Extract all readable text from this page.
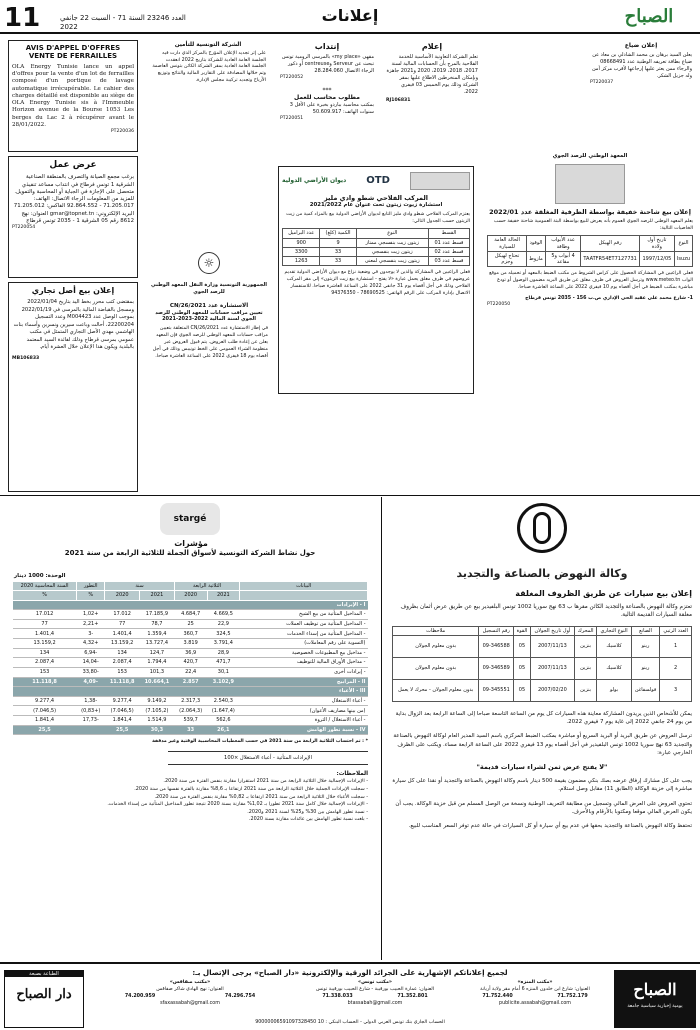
11	العدد 23246 السنة 71 - السبت 22 جانفي 2022
إعلانات	الصباح
AVIS D'APPEL D'OFFRES VENTE DE FERRAILLES
OLA Energy Tunisie lance un appel d'offres pour la vente d'un lot de ferrailles composé d'un portique de lavage automatique irrécupérable. Le cahier des charges détaillé est disponible au siège de OLA Energy Tunisie sis à l'Immeuble Horizon avenue de la Bourse 1053 Les berges du Lac 2 à récupérer avant le 28/01/2022.
PT220036
عرض عمل
برغب مجمع الصيانة والتصرف بالمنطقة الصناعية الشرقية 1 تونس فرطاج في انتداب مساعد تنفيذي متحصل على الإجازة في الجباية أو المحاسبة والتمويل. للمزيد من المعلومات الرجاء الاتصال: الهاتف: 71.205.017 - 92.864.552 الفاكس: 71.205.012 البريد الإلكتروني: gmar@topnet.tn العنوان: نهج 8612 رقم 05 الشرقية 1 - 2035 تونس قرطاج
PT220054
إعلان بيع أصل تجاري
بمقتضى كتب محرر بخط اليد بتاريخ 2022/01/04 ومسجل بالقباضة المالية بالمرسى في 2022/01/19 بموجب الوصل عدد M004423 وعدد التسجيل 22200204، أحالت وباعت سيرين ونسرين وأسماء بنات الهاشمي مهدي الأصل التجاري المتمثل في مكتب عمومي بمرسى قرطاج وذلك لفائدة السيد المعتمد بالبلدية ويكون هذا الإعلان خلال العشرة أيام.
MB106833
الشركة التونسية للتأمين
على إثر تجديد الإعلان المؤرخ بالمركز الذي دارت فيه الجلسة العامة العادية للشركة بتاريخ 2022 انعقدت الجلسة العامة العادية بمقر الشركة الكائن بتونس العاصمة وتم خلالها المصادقة على التقارير المالية والنتائج وتوزيع الأرباح وتجديد تركيبة مجلس الإدارة.
إنتداب
مقهى «my place» بالمرسى الرومية تونس تبحث عن Serveur وcentreuse أو ذكور الرجاء الاتصال 28.284.060
PT220052
***
مطلوب محاسب للعمل
بمكتب محاسبة بباردو بخبرة على الأقل 3 سنوات الهاتف: 50.609.917
PT220051
إعلام
تعلم الشركة التعاونية الأساسية للخدمة الفلاحية بالمرج بأن الحسابات المالية لسنة 2017، 2018، 2019، 2020 و2021 جاهزة وبإمكان المنخرطين الاطلاع عليها بمقر الشركة وذلك يوم الخميس 03 فيفري 2022.
RJ106831
إعلان ضياع
يعلن السيد برهان بن محمد الشاذلي بن معاذ عن ضياع بطاقة تعريفه الوطنية عدد 08668491 والرجاء ممن يعثر عليها إرجاعها لأقرب مركز أمن وله جزيل الشكر.
PT220037
OTD
ديوان الأراضي الدولية
المركب الفلاحي شطو وادي مليز
استشارة زيوت زيتون تحت عنوان عام 2021/2022
يعتزم المركب الفلاحي شطو وادي مليز التابع لديوان الأراضي الدولية بيع بالمزاد كمية من زيت الزيتون حسب الجدول التالي:
القسط	النوع	الكمية (كلغ)	عدد البراميل
قسط عدد 01	زيتون زيت بنفسجي ممتاز	9	900
قسط عدد 02	زيتون زيت بنفسجي	33	3300
قسط عدد 03	زيتون زيت بنفسجي لمعنى	33	1263
فعلى الراغبين في المشاركة والذين لا يوجدون في وضعية نزاع مع ديوان الأراضي الدولية تقديم عروضهم في ظرف مغلق يحمل عبارة «لا يفتح - استشارة بيع زيت الزيتون» إلى مقر المركب الفلاحي وذلك في أجل أقصاه يوم 31 جانفي 2022 على الساعة العاشرة صباحا. للاستفسار الاتصال بإدارة المركب على الرقم الهاتفي: 78690525 - 94376350
☼
الجمهورية التونسية وزارة النقل المعهد الوطني للرصد الجوي
الاستشارة عدد 2021/CN/26
تعيين مراقب حسابات للمعهد الوطني للرصد الجوي لسنة المالية 2022-2023-2021
في إطار الاستشارة عدد 2021/CN/26 المتعلقة بتعيين مراقب حسابات للمعهد الوطني للرصد الجوي فإن المعهد يعلن عن إعادة طلب العروض. يتم قبول العروض عبر منظومة الشراء العمومي على الخط تونيبس وذلك في أجل أقصاه يوم 18 فيفري 2022 على الساعة العاشرة صباحا.
المعهد الوطني للرصد الجوي
إعلان بيع شاحنة خفيفة بواسطة الظرفية المغلقة عدد 2022/01
يعلم المعهد الوطني للرصد الجوي العموم بأنه يعرض للبيع بواسطة البتة العمومية شاحنة خفيفة حسب الخاصيات التالية:
النوع	تاريخ أول ولادة	رقم الهيكل	عدد الأبواب وطاقة	الوقود	الحالة العامة للسيارة
Isuzu	1997/12/05	TAATFR54ET7127731	4 أبواب و5 مقاعد	مازوط	تحتاج لهيكل وجزم
فعلى الراغبين في المشاركة الحصول على كراس الشروط من مكتب الضبط بالمعهد أو تحميله من موقع الواب www.meteo.tn وترسل العروض في ظرف مغلق عن طريق البريد مضمون الوصول أو تودع مباشرة بمكتب الضبط في أجل أقصاه يوم 10 فيفري 2022 على الساعة العاشرة صباحا.
1- شارع محمد علي عقيد الحي الإداري ص.ب 156 - 2035 تونس قرطاج
PT220050
stargé
مؤشرات
حول نشاط الشركة التونسية لأسواق الجملة للثلاثية الرابعة من سنة 2021
الوحدة: 1000 دينار
البيانات	الثلاثية الرابعة		سنة		التطور	السنة المحاسبية 2020
	2021	2020	2021	2020	%	%
I - الإيرادات						
- المداخيل المتأتية من بيع الشيخ	4.669,5	4.684,7	17.185,9	17.012	+1,02	17.012
- المداخيل المتأتية من توظيف العملات	22,9	25	78,7	77	+2,21	77
- المداخيل المتأتية من إسداء الخدمات	324,5	360,7	1.359,4	1.401,4	-3	1.401,4
(التسوية على رقم المعاملات)	3.791,4	3.819	13.727,4	13.159,2	+4,32	13.159,2
- مداخيل بيع المطبوعات الخصوصية	28,9	36,9	124,7	134	-6,94	134
- مداخيل الأوراق المالية للتوظيف	471,7	420,7	1.794,4	2.087,4	-14,04	2.087,4
- إيرادات أخرى	30,1	22,4	101,3	153	-33,80	153
II - المرابيح	3.102,9	2.857	10.664,1	11.118,8	-4,09	11.118,8
III - الأعباء						
- أعباء الاستغلال	2.540,3	2.317,3	9.149,2	9.277,4	-1,38	9.277,4
(من بينها مصاريف الأعوان)	(1.647,4)	(2.064,3)	(7.105,2)	(7.046,5)	(+0,83)	(7.046,5)
- أعباء الاستغلال / الثروة	562,6	539,7	1.514,9	1.841,4	-17,73	1.841,4
IV - نسبة تطور الهامش	26,1	33	30,3	25,5		25,5
* : تم احتساب الثلاثية الرابعة من سنة 2021 في حسب المعطيات المحاسبية الوقتية وغير مدققة
الإيرادات المتأتية - أعباء الاستغلال ×100
الملاحظات:
- الإيرادات الإجمالية خلال الثلاثية الرابعة من سنة 2021 استقرارا مقارنة بنفس الفترة من سنة 2020.
- سجلت الإيرادات الجملية خلال الثلاثية الرابعة من سنة 2021 ارتفاعا بـ 8,6% مقارنة بالفترة نفسها من سنة 2020.
- سجلت الأعباء خلال الثلاثية الرابعة من سنة 2021 ارتفاعا بـ 0,82% مقارنة بنفس الفترة من سنة 2020.
- الإيرادات الإجمالية خلال كامل سنة 2021 تطورا بـ 1,02% مقارنة بسنة 2020 نتيجة تطور المداخيل المتأتية من إسداء الخدمات.
- نسبة تطور الهامش بين 30% و25% لسنة 2021 و2020.
- بلغت نسبة تطور الهامش بين عائدات مقارنة بسنة 2020.
وكالة النهوض بالصناعة والتجديد
إعلان بيع سيارات عن طريق الظروف المغلقة
تعتزم وكالة النهوض بالصناعة والتجديد الكائن مقرها ب 63 نهج سوريا 1002 تونس البلفيدير بيع عن طريق عرض أثمان بظروف مغلقة السيارات القديمة التالية.
العدد الرتبي	الصانع	النوع التجاري	المحرك	أول تاريخ الجولان	القوة	رقم التسجيل	ملاحظات
1	رينو	كلاسيك	بنزين	2007/11/13	05	09-346588	بدون معلوم الجولان
2	رينو	كلاسيك	بنزين	2007/11/13	05	09-346589	بدون معلوم الجولان
3	فولسفاغن	بولو	بنزين	2007/02/20	05	09-345551	بدون معلوم الجولان - محرك لا يعمل
يمكن للأشخاص الذين يريدون المشاركة معاينة هذه السيارات كل يوم من الساعة التاسعة صباحا إلى الساعة الرابعة بعد الزوال بداية من يوم 24 جانفي 2022 إلى غاية يوم 7 فيفري 2022.
ترسل العروض عن طريق البريد أو البريد السريع أو مباشرة بمكتب الضبط المركزي باسم السيد المدير العام لوكالة النهوض بالصناعة والتجديد 63 نهج سوريا 1002 تونس البلفيدير في أجل أقصاه يوم 13 فيفري 2022 على الساعة الرابعة مساء. ويكتب على الظرف الخارجي عبارة:
"لا يفتح عرض ثمن لشراء سيارات قديمة"
يجب على كل مشارك إرفاق عرضه بصك بنكي مضمون بقيمة 500 دينار باسم وكالة النهوض بالصناعة والتجديد أو نقدا على كل سيارة مباشرة إلى خزينة الوكالة (الطابق 11) مقابل وصل استلام.
تحتوي العروض على العرض المالي وتسجيل من مطابقة التعريف الوطنية ونسخة من الوصل المسلم من قبل خزينة الوكالة. يجب أن يكون العرض المالي موقعا ومكتوبا بالأرقام وبالأحرف.
تحتفظ وكالة النهوض بالصناعة والتجديد بحقها في عدم بيع أي سيارة أو كل السيارات في حالة عدم توفر السعر المناسب للبيع.
لجميع إعلاناتكم الإشهارية على الجرائد الورقية والإلكترونية «دار الصباح» يرجى الإتصال بـ:
«مكتب المنزه»
العنوان: شارع ابن خلدون المنزه 6 أمام مقر ولاية أريانة
71.752.179
71.752.440
publicite.assabah@gmail.com
«مكتب تونس»
العنوان: عمارة الحبيب بورقيبة - شارع الحبيب بورقيبة تونس
71.352.801
71.338.033
btassabah@gmail.com
«مكتب صفاقس»
العنوان: نهج الهادي شاكر صفاقس
74.296.754
74.200.959
sfaxassabah@gmail.com
الحساب الجاري بنك تونس العربي الدولي - الحساب البنكي : 10 90000006591097328450
الصباح
يومية إخبارية سياسية جامعة
الطباعة بصبعة
دار الصباح
